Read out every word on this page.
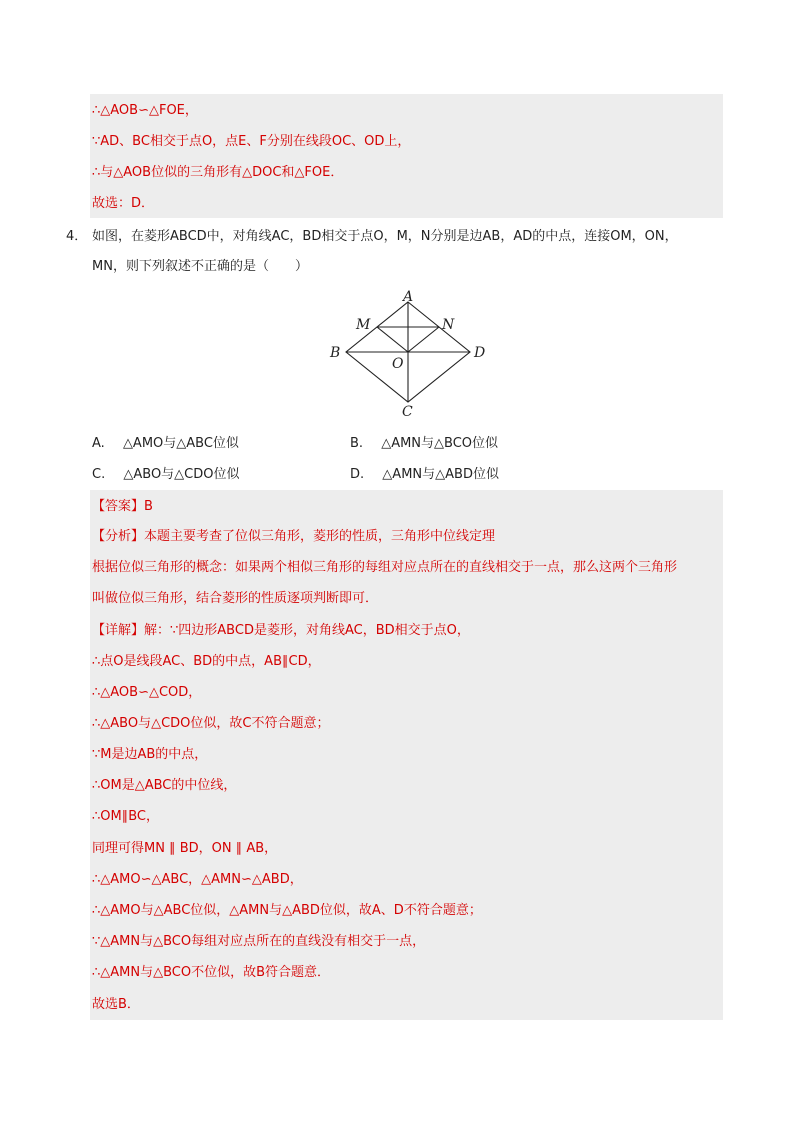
∴△AOB∽△FOE，
∵AD、BC相交于点O，点E、F分别在线段OC、OD上，
∴与△AOB位似的三角形有△DOC和△FOE．
故选：D．
4． 如图，在菱形ABCD中，对角线AC，BD相交于点O，M，N分别是边AB，AD的中点，连接OM，ON，
MN，则下列叙述不正确的是（　　）
A
M	N
B
O
D
C
A. △AMO与△ABC位似	B. △AMN与△BCO位似
C. △ABO与△CDO位似	D. △AMN与△ABD位似
【答案】B
【分析】本题主要考查了位似三角形，菱形的性质，三角形中位线定理
根据位似三角形的概念：如果两个相似三角形的每组对应点所在的直线相交于一点，那么这两个三角形
叫做位似三角形，结合菱形的性质逐项判断即可．
【详解】解：∵四边形ABCD是菱形，对角线AC，BD相交于点O，
∴点O是线段AC、BD的中点，AB∥CD，
∴△AOB∽△COD，
∴△ABO与△CDO位似，故C不符合题意；
∵M是边AB的中点，
∴OM是△ABC的中位线，
∴OM∥BC，
同理可得MN ∥ BD，ON ∥ AB，
∴△AMO∽△ABC，△AMN∽△ABD，
∴△AMO与△ABC位似，△AMN与△ABD位似，故A、D不符合题意；
∵△AMN与△BCO每组对应点所在的直线没有相交于一点，
∴△AMN与△BCO不位似，故B符合题意．
故选B．
